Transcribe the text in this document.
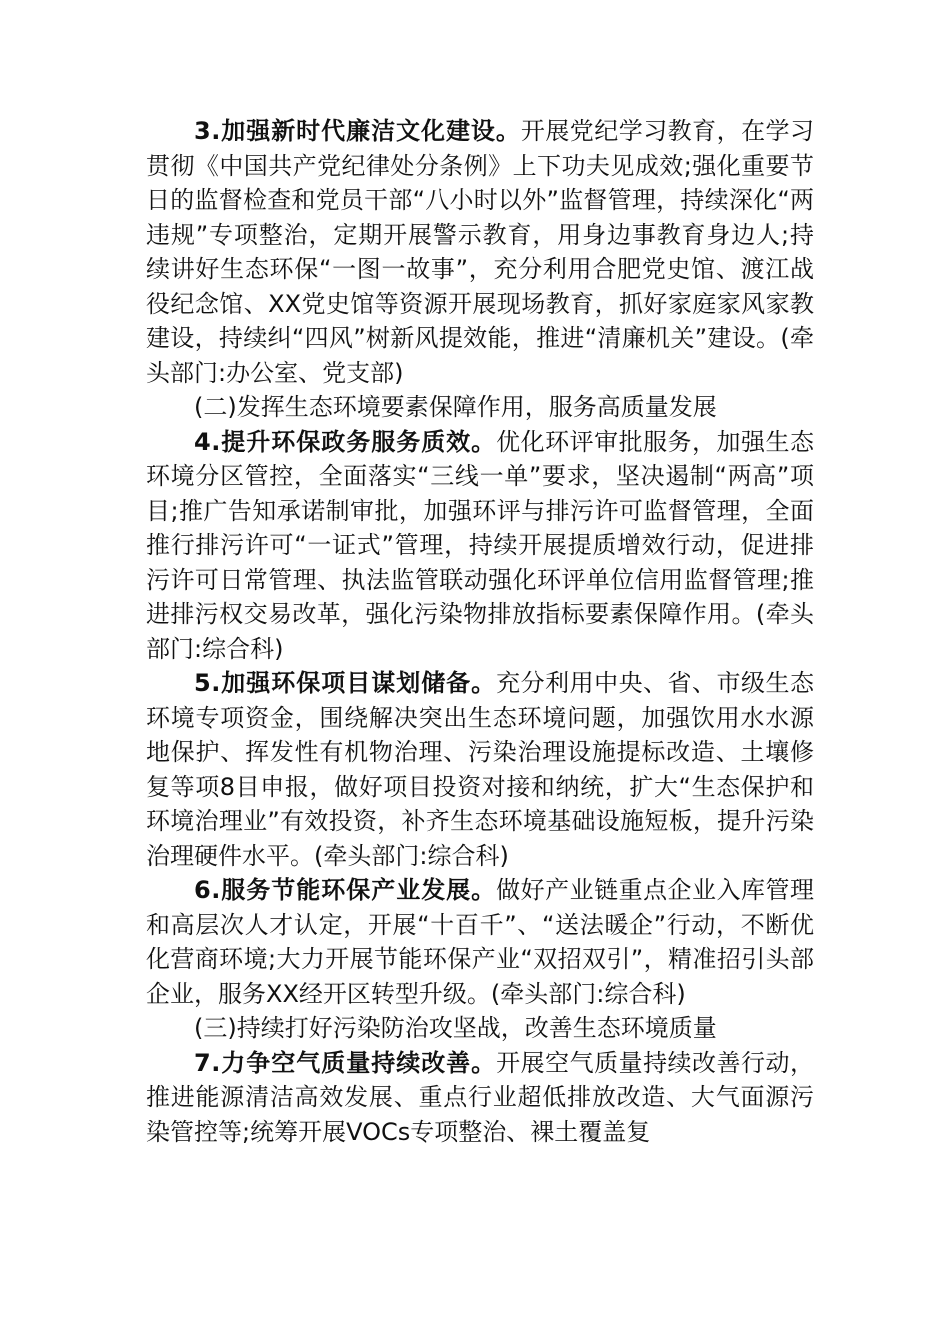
3.加强新时代廉洁文化建设。开展党纪学习教育，在学习贯彻《中国共产党纪律处分条例》上下功夫见成效;强化重要节日的监督检查和党员干部“八小时以外”监督管理，持续深化“两违规”专项整治，定期开展警示教育，用身边事教育身边人;持续讲好生态环保“一图一故事”，充分利用合肥党史馆、渡江战役纪念馆、XX党史馆等资源开展现场教育，抓好家庭家风家教建设，持续纠“四风”树新风提效能，推进“清廉机关”建设。(牵头部门:办公室、党支部)

(二)发挥生态环境要素保障作用，服务高质量发展

4.提升环保政务服务质效。优化环评审批服务，加强生态环境分区管控，全面落实“三线一单”要求，坚决遏制“两高”项目;推广告知承诺制审批，加强环评与排污许可监督管理，全面推行排污许可“一证式”管理，持续开展提质增效行动，促进排污许可日常管理、执法监管联动强化环评单位信用监督管理;推进排污权交易改革，强化污染物排放指标要素保障作用。(牵头部门:综合科)

5.加强环保项目谋划储备。充分利用中央、省、市级生态环境专项资金，围绕解决突出生态环境问题，加强饮用水水源地保护、挥发性有机物治理、污染治理设施提标改造、土壤修复等项8目申报，做好项目投资对接和纳统，扩大“生态保护和环境治理业”有效投资，补齐生态环境基础设施短板，提升污染治理硬件水平。(牵头部门:综合科)

6.服务节能环保产业发展。做好产业链重点企业入库管理和高层次人才认定，开展“十百千”、“送法暖企”行动，不断优化营商环境;大力开展节能环保产业“双招双引”，精准招引头部企业，服务XX经开区转型升级。(牵头部门:综合科)

(三)持续打好污染防治攻坚战，改善生态环境质量

7.力争空气质量持续改善。开展空气质量持续改善行动，推进能源清洁高效发展、重点行业超低排放改造、大气面源污染管控等;统筹开展VOCs专项整治、裸土覆盖复
